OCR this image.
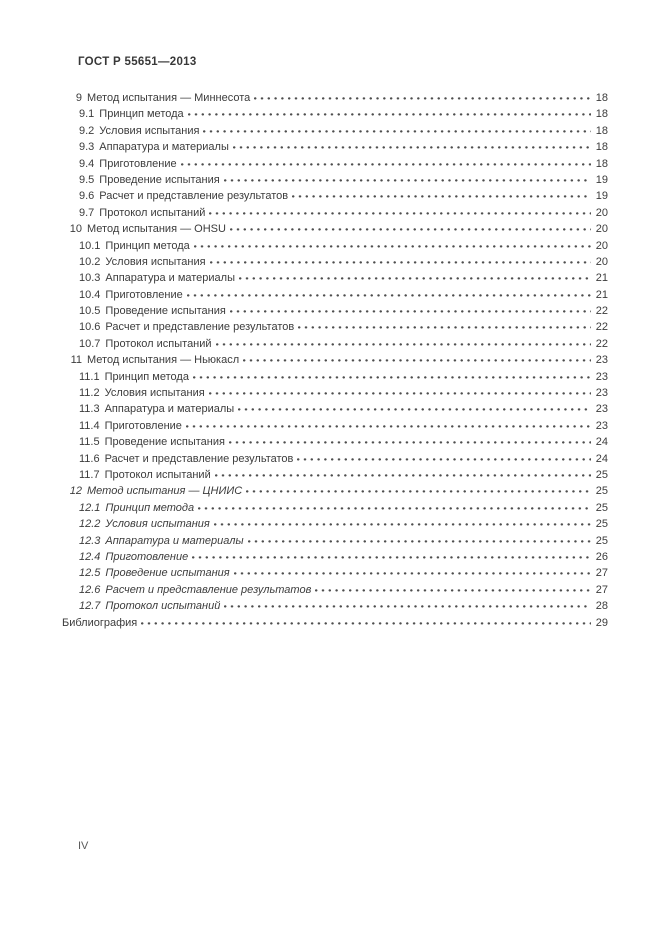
ГОСТ Р 55651—2013
9 Метод испытания — Миннесота	18
9.1 Принцип метода	18
9.2 Условия испытания	18
9.3 Аппаратура и материалы	18
9.4 Приготовление	18
9.5 Проведение испытания	19
9.6 Расчет и представление результатов	19
9.7 Протокол испытаний	20
10 Метод испытания — OHSU	20
10.1 Принцип метода	20
10.2 Условия испытания	20
10.3 Аппаратура и материалы	21
10.4 Приготовление	21
10.5 Проведение испытания	22
10.6 Расчет и представление результатов	22
10.7 Протокол испытаний	22
11 Метод испытания — Ньюкасл	23
11.1 Принцип метода	23
11.2 Условия испытания	23
11.3 Аппаратура и материалы	23
11.4 Приготовление	23
11.5 Проведение испытания	24
11.6 Расчет и представление результатов	24
11.7 Протокол испытаний	25
12 Метод испытания — ЦНИИС	25
12.1 Принцип метода	25
12.2 Условия испытания	25
12.3 Аппаратура и материалы	25
12.4 Приготовление	26
12.5 Проведение испытания	27
12.6 Расчет и представление результатов	27
12.7 Протокол испытаний	28
Библиография	29
IV
